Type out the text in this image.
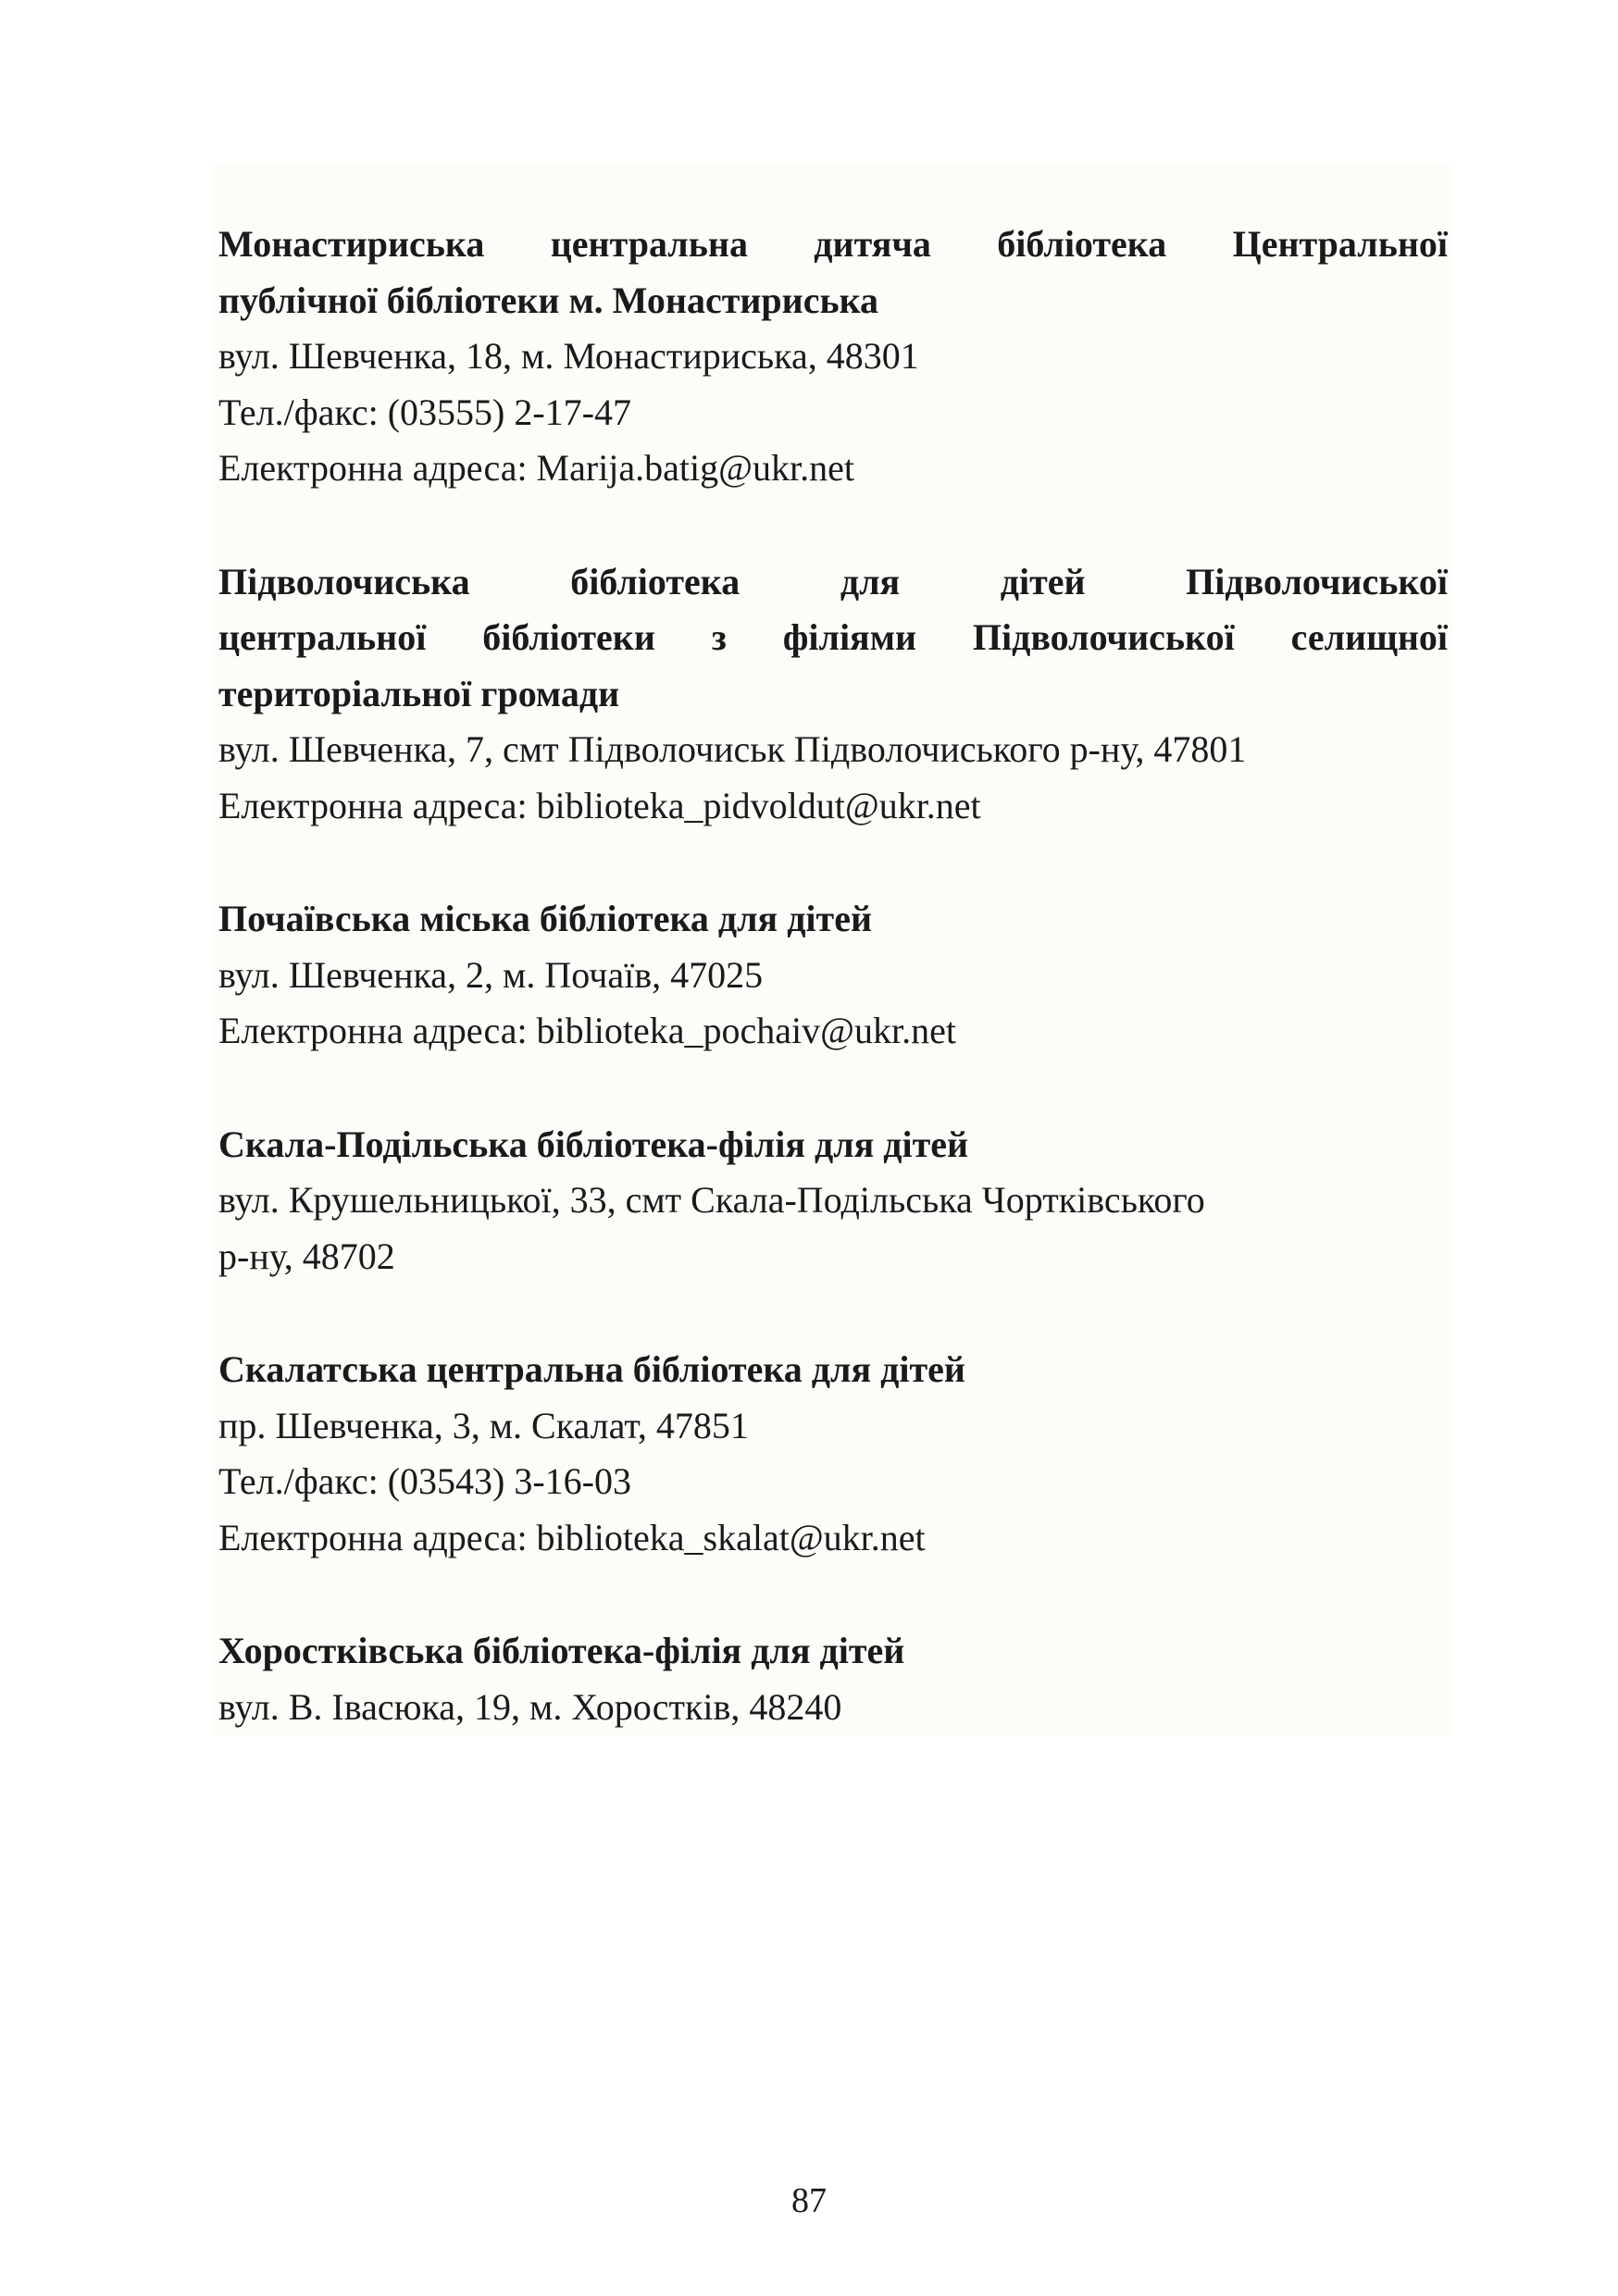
Монастириська центральна дитяча бібліотека Центральної
публічної бібліотеки м. Монастириська
вул. Шевченка, 18, м. Монастириська, 48301
Тел./факс: (03555) 2-17-47
Електронна адреса: Marija.batig@ukr.net
Підволочиська бібліотека для дітей Підволочиської
центральної бібліотеки з філіями Підволочиської селищної
територіальної громади
вул. Шевченка, 7, смт Підволочиськ Підволочиського р-ну, 47801
Електронна адреса: biblioteka_pidvoldut@ukr.net
Почаївська міська бібліотека для дітей
вул. Шевченка, 2, м. Почаїв, 47025
Електронна адреса: biblioteka_pochaiv@ukr.net
Скала-Подільська бібліотека-філія для дітей
вул. Крушельницької, 33, смт Скала-Подільська Чортківського
р-ну, 48702
Скалатська центральна бібліотека для дітей
пр. Шевченка, 3, м. Скалат, 47851
Тел./факс: (03543) 3-16-03
Електронна адреса: biblioteka_skalat@ukr.net
Хоростківська бібліотека-філія для дітей
вул. В. Івасюка, 19, м. Хоростків, 48240
87
